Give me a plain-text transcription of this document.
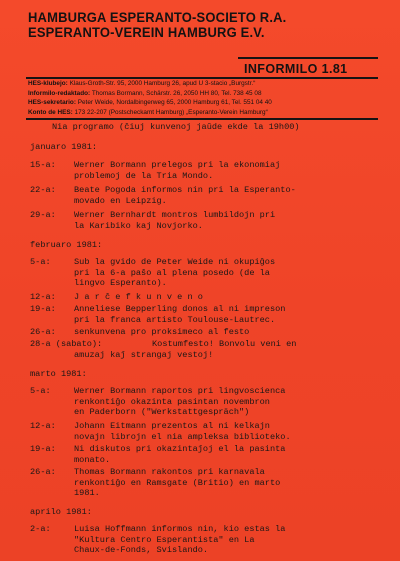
HAMBURGA ESPERANTO-SOCIETO R.A.
ESPERANTO-VEREIN HAMBURG E.V.
INFORMILO 1.81
HES-klubejo: Klaus-Groth-Str. 95, 2000 Hamburg 26, apud U 3-stacio „Burgstr.“
Informilo-redaktado: Thomas Bormann, Schärstr. 26, 2050 HH 80, Tel. 738 45 08
HES-sekretario: Peter Weide, Nordalbingerweg 65, 2000 Hamburg 61, Tel. 551 04 40
Konto de HES: 173 22-207 (Postscheckamt Hamburg) „Esperanto-Verein Hamburg“
Nia programo (ĉiuj kunvenoj jaŭde ekde la 19h00)
januaro 1981:
15-a: Werner Bormann prelegos pri la ekonomiaj
problemoj de la Tria Mondo.
22-a: Beate Pogoda informos nin pri la Esperanto-
movado en Leipzig.
29-a: Werner Bernhardt montros lumbildojn pri
la Karibiko kaj Novjorko.
februaro 1981:
5-a:	Sub la gvido de Peter Weide ni okupiĝos
pri la 6-a paŝo al plena posedo (de la
lingvo Esperanto).
12-a: J a r ĉ e f k u n v e n o
19-a: Anneliese Bepperling donos al ni impreson
pri la franca artisto Toulouse-Lautrec.
26-a: senkunvena pro proksimeco al festo
28-a (sabato):	Kostumfesto! Bonvolu veni en
amuzaj kaĵ strangaj vestoj!
marto 1981:
5-a:	Werner Bormann raportos pri lingvoscienca
renkontiĝo okazinta pasintan novembron
en Paderborn ("Werkstattgespräch")
12-a: Johann Eitmann prezentos al ni kelkajn
novajn librojn el nia ampleksa biblioteko.
19-a: Ni diskutos pri okazintaĵoj el la pasinta
monato.
26-a: Thomas Bormann rakontos pri karnavala
renkontiĝo en Ramsgate (Britio) en marto
1981.
aprilo 1981:
2-a:	Luisa Hoffmann informos nin, kio estas la
"Kultura Centro Esperantista" en La
Chaux-de-Fonds, Svislando.
